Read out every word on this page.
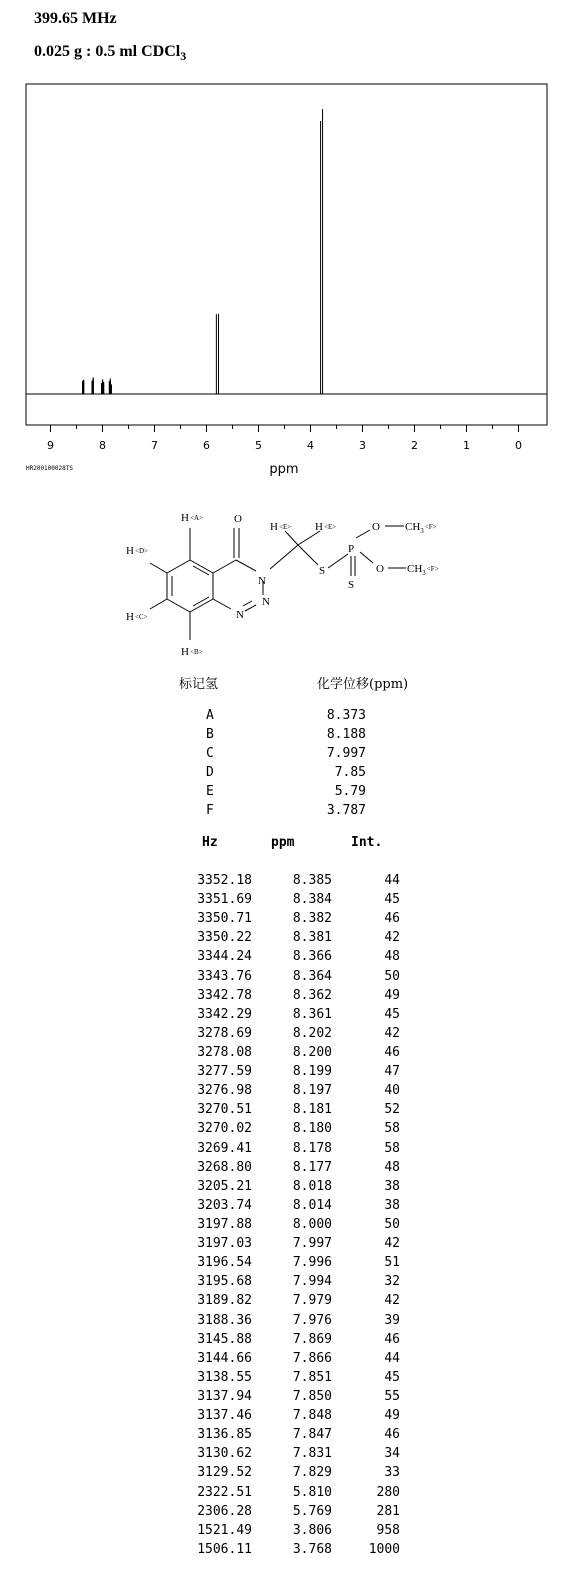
399.65 MHz
0.025 g : 0.5 ml CDCl$_3$
9	8	7	6	5	4	3	2	1	0
HR200100028TS	ppm
O
N
N
N
H <A>
H <D>
H <C>
H <B>
H <E> H <E>
S
P
S
O
O
$CH_3^{<F>}$
$CH_3^{<F>}$
标记氢	化学位移(ppm)
A	8.373
B	8.188
C	7.997
D	7.85
E	5.79
F	3.787
Hz	ppm	Int.
3352.18	8.385	44
3351.69	8.384	45
3350.71	8.382	46
3350.22	8.381	42
3344.24	8.366	48
3343.76	8.364	50
3342.78	8.362	49
3342.29	8.361	45
3278.69	8.202	42
3278.08	8.200	46
3277.59	8.199	47
3276.98	8.197	40
3270.51	8.181	52
3270.02	8.180	58
3269.41	8.178	58
3268.80	8.177	48
3205.21	8.018	38
3203.74	8.014	38
3197.88	8.000	50
3197.03	7.997	42
3196.54	7.996	51
3195.68	7.994	32
3189.82	7.979	42
3188.36	7.976	39
3145.88	7.869	46
3144.66	7.866	44
3138.55	7.851	45
3137.94	7.850	55
3137.46	7.848	49
3136.85	7.847	46
3130.62	7.831	34
3129.52	7.829	33
2322.51	5.810	280
2306.28	5.769	281
1521.49	3.806	958
1506.11	3.768	1000
